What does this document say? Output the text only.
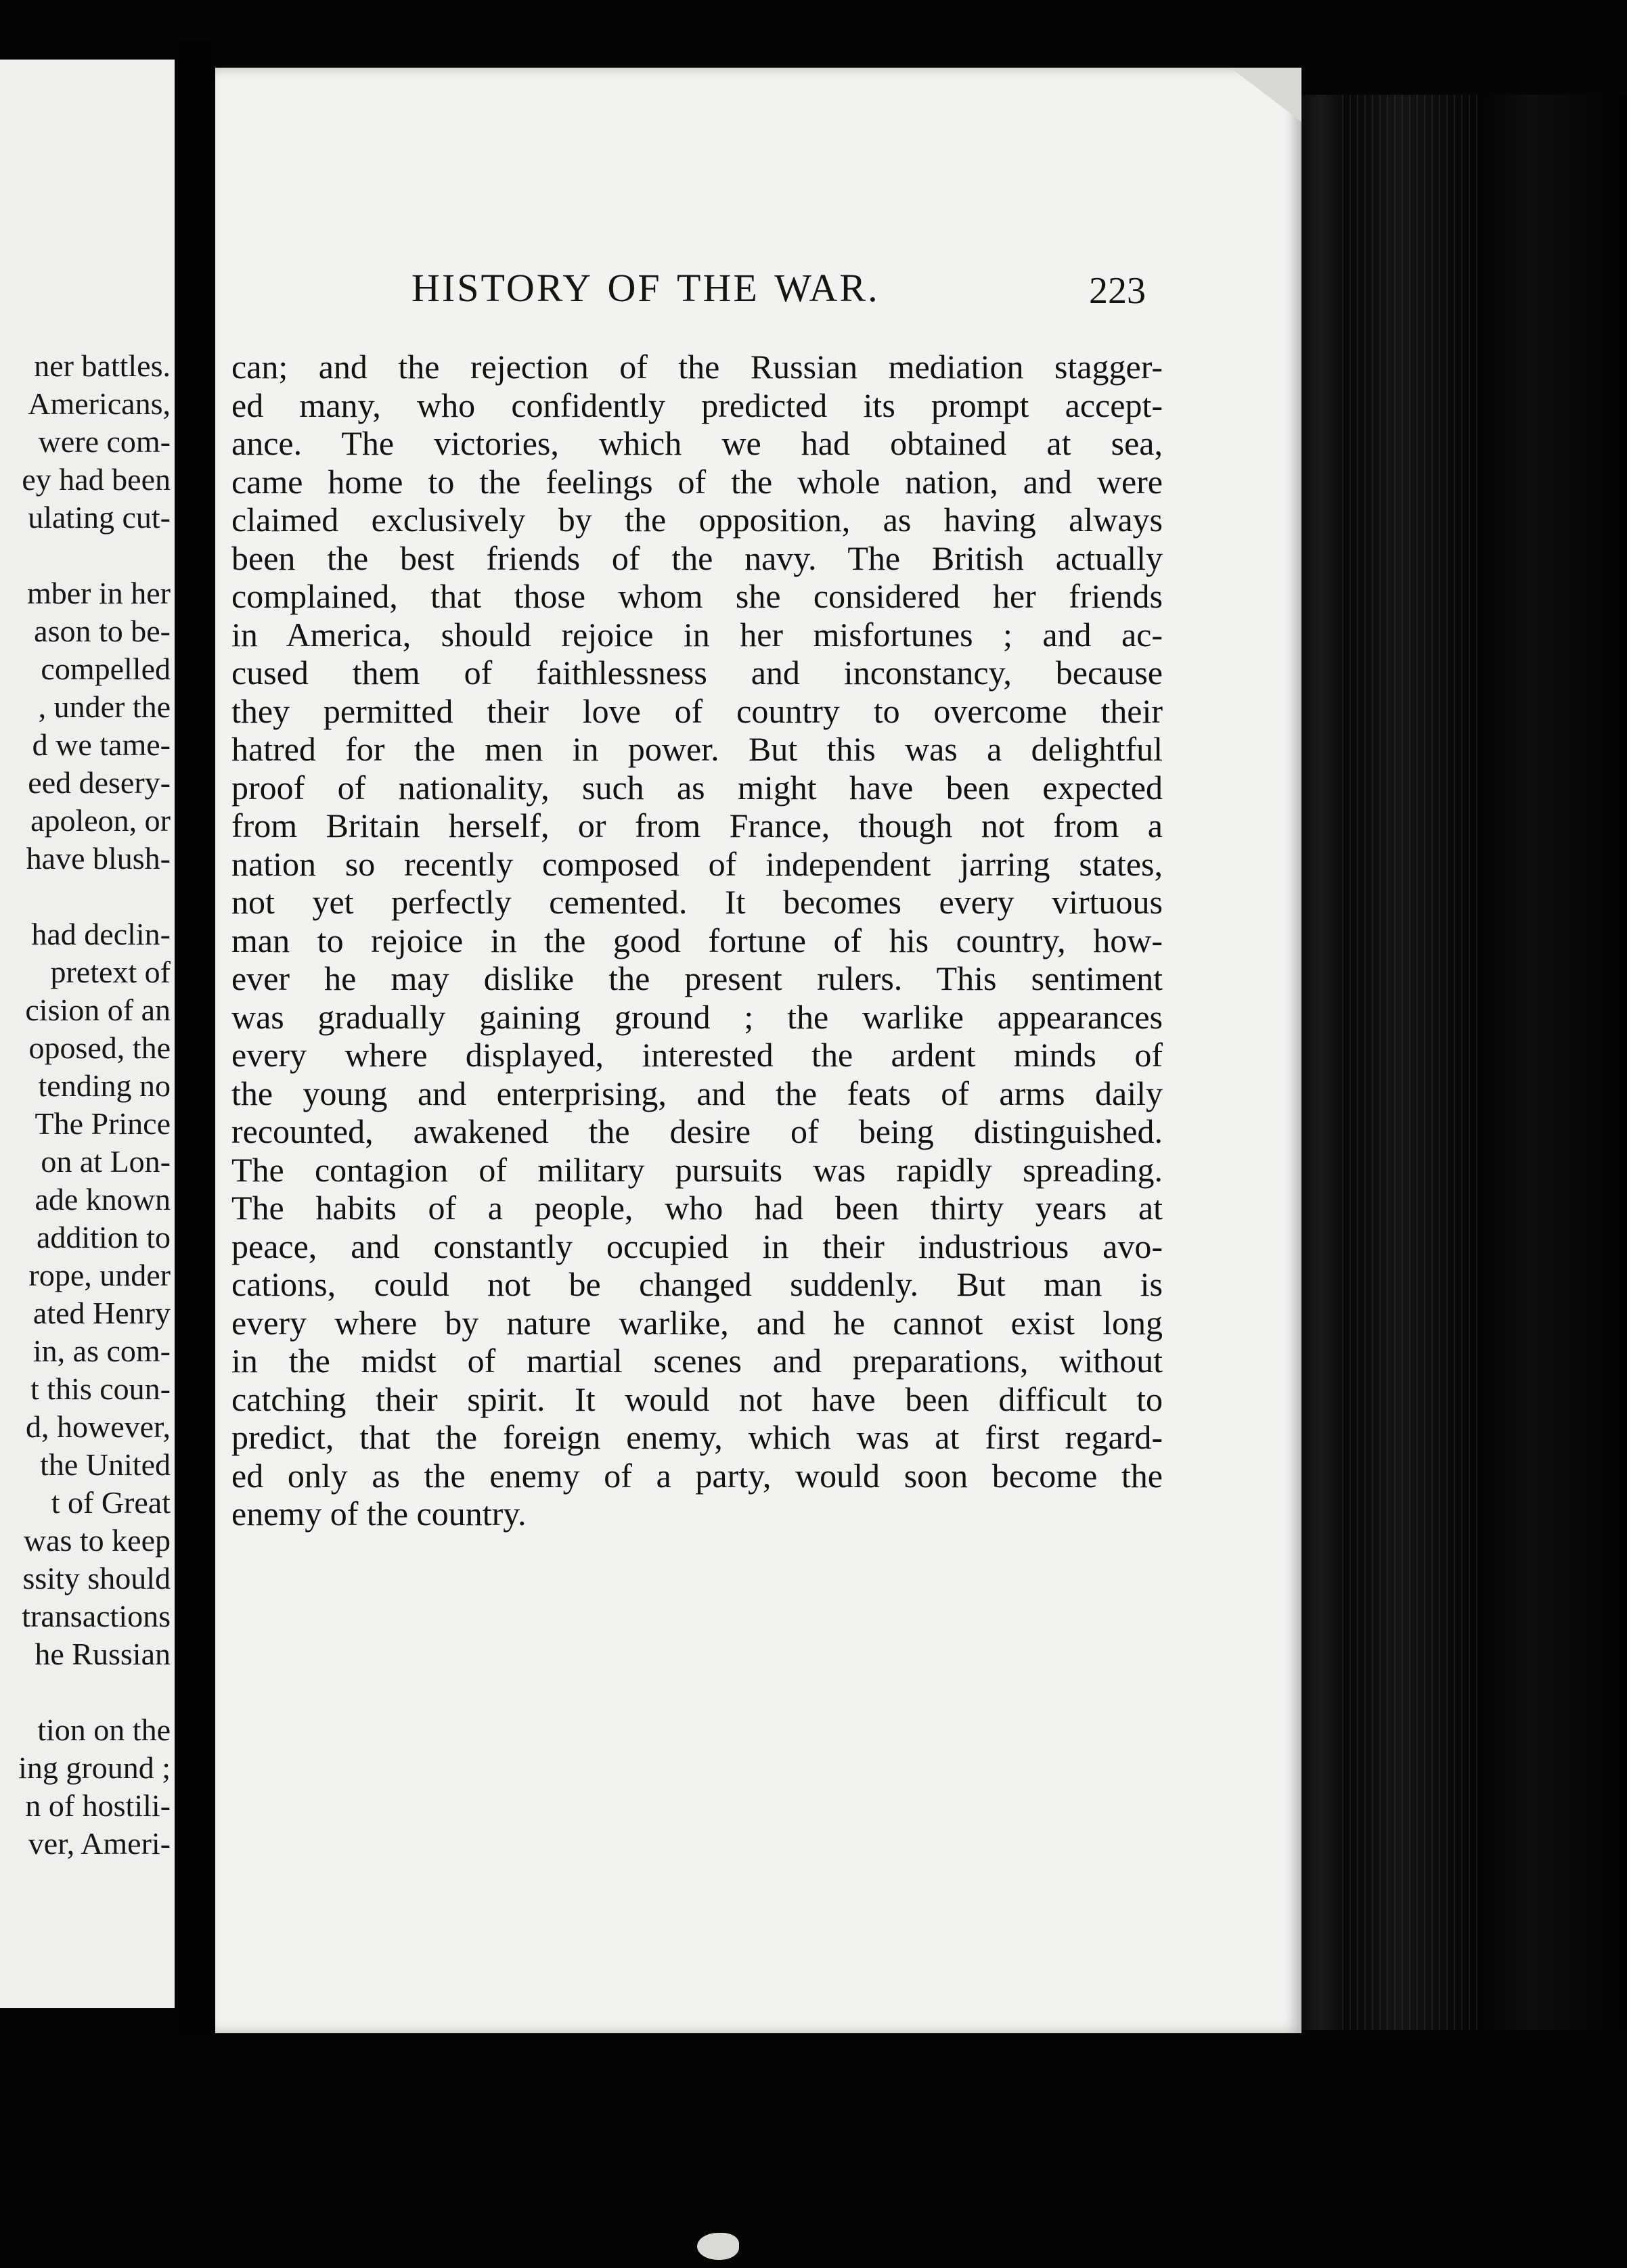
ner battles.
Americans,
were com-
ey had been
ulating cut-
mber in her
ason to be-
compelled
, under the
d we tame-
eed desery-
apoleon, or
have blush-
had declin-
pretext of
cision of an
oposed, the
tending no
The Prince
on at Lon-
ade known
addition to
rope, under
ated Henry
in, as com-
t this coun-
d, however,
the United
t of Great
was to keep
ssity should
transactions
he Russian
tion on the
ing ground ;
n of hostili-
ver, Ameri-
HISTORY OF THE WAR.	223
can; and the rejection of the Russian mediation stagger-
ed many, who confidently predicted its prompt accept-
ance. The victories, which we had obtained at sea,
came home to the feelings of the whole nation, and were
claimed exclusively by the opposition, as having always
been the best friends of the navy. The British actually
complained, that those whom she considered her friends
in America, should rejoice in her misfortunes ; and ac-
cused them of faithlessness and inconstancy, because
they permitted their love of country to overcome their
hatred for the men in power. But this was a delightful
proof of nationality, such as might have been expected
from Britain herself, or from France, though not from a
nation so recently composed of independent jarring states,
not yet perfectly cemented. It becomes every virtuous
man to rejoice in the good fortune of his country, how-
ever he may dislike the present rulers. This sentiment
was gradually gaining ground ; the warlike appearances
every where displayed, interested the ardent minds of
the young and enterprising, and the feats of arms daily
recounted, awakened the desire of being distinguished.
The contagion of military pursuits was rapidly spreading.
The habits of a people, who had been thirty years at
peace, and constantly occupied in their industrious avo-
cations, could not be changed suddenly. But man is
every where by nature warlike, and he cannot exist long
in the midst of martial scenes and preparations, without
catching their spirit. It would not have been difficult to
predict, that the foreign enemy, which was at first regard-
ed only as the enemy of a party, would soon become the
enemy of the country.
